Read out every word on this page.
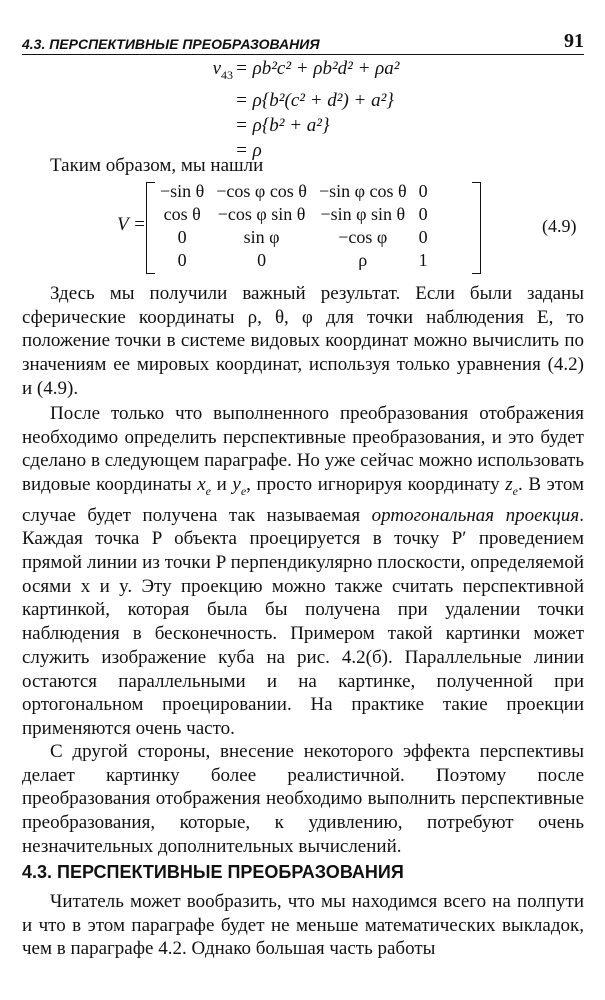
4.3. ПЕРСПЕКТИВНЫЕ ПРЕОБРАЗОВАНИЯ	91
$v_{43} = \rho b^2c^2 + \rho b^2d^2 + \rho a^2$
= ρ{b²(c² + d²) + a²}
= ρ{b² + a²}
= ρ

Таким образом, мы нашли

V =
−sin θ	−cos φ cos θ	−sin φ cos θ	0
cos θ	−cos φ sin θ	−sin φ sin θ	0
0	sin φ	−cos φ	0
0	0	ρ	1
(4.9)

Здесь мы получили важный результат. Если были заданы сферические координаты ρ, θ, φ для точки наблюдения E, то положение точки в системе видовых координат можно вычислить по значениям ее мировых координат, используя только уравнения (4.2) и (4.9).

После только что выполненного преобразования отображения необходимо определить перспективные преобразования, и это будет сделано в следующем параграфе. Но уже сейчас можно использовать видовые координаты $x_e$ и $y_e$, просто игнорируя координату $z_e$. В этом случае будет получена так называемая ортогональная проекция. Каждая точка P объекта проецируется в точку P′ проведением прямой линии из точки P перпендикулярно плоскости, определяемой осями x и y. Эту проекцию можно также считать перспективной картинкой, которая была бы получена при удалении точки наблюдения в бесконечность. Примером такой картинки может служить изображение куба на рис. 4.2(б). Параллельные линии остаются параллельными и на картинке, полученной при ортогональном проецировании. На практике такие проекции применяются очень часто.

С другой стороны, внесение некоторого эффекта перспективы делает картинку более реалистичной. Поэтому после преобразования отображения необходимо выполнить перспективные преобразования, которые, к удивлению, потребуют очень незначительных дополнительных вычислений.

4.3. ПЕРСПЕКТИВНЫЕ ПРЕОБРАЗОВАНИЯ

Читатель может вообразить, что мы находимся всего на полпути и что в этом параграфе будет не меньше математических выкладок, чем в параграфе 4.2. Однако большая часть работы
